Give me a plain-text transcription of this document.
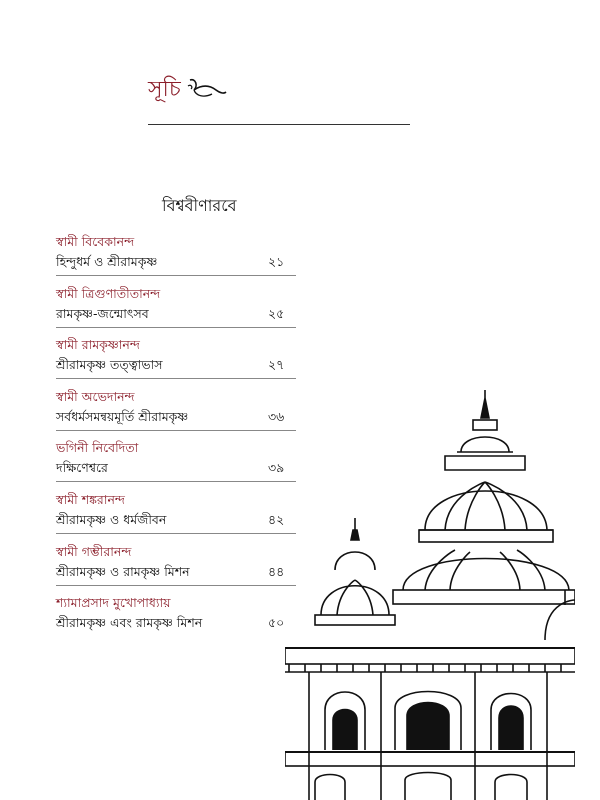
সূচি
বিশ্ববীণারবে
স্বামী বিবেকানন্দ
হিন্দুধর্ম ও শ্রীরামকৃষ্ণ	২১
স্বামী ত্রিগুণাতীতানন্দ
রামকৃষ্ণ-জন্মোৎসব	২৫
স্বামী রামকৃষ্ণানন্দ
শ্রীরামকৃষ্ণ তত্ত্বাভাস	২৭
স্বামী অভেদানন্দ
সর্বধর্মসমন্বয়মূর্তি শ্রীরামকৃষ্ণ	৩৬
ভগিনী নিবেদিতা
দক্ষিণেশ্বরে	৩৯
স্বামী শঙ্করানন্দ
শ্রীরামকৃষ্ণ ও ধর্মজীবন	৪২
স্বামী গম্ভীরানন্দ
শ্রীরামকৃষ্ণ ও রামকৃষ্ণ মিশন	৪৪
শ্যামাপ্রসাদ মুখোপাধ্যায়
শ্রীরামকৃষ্ণ এবং রামকৃষ্ণ মিশন	৫০
